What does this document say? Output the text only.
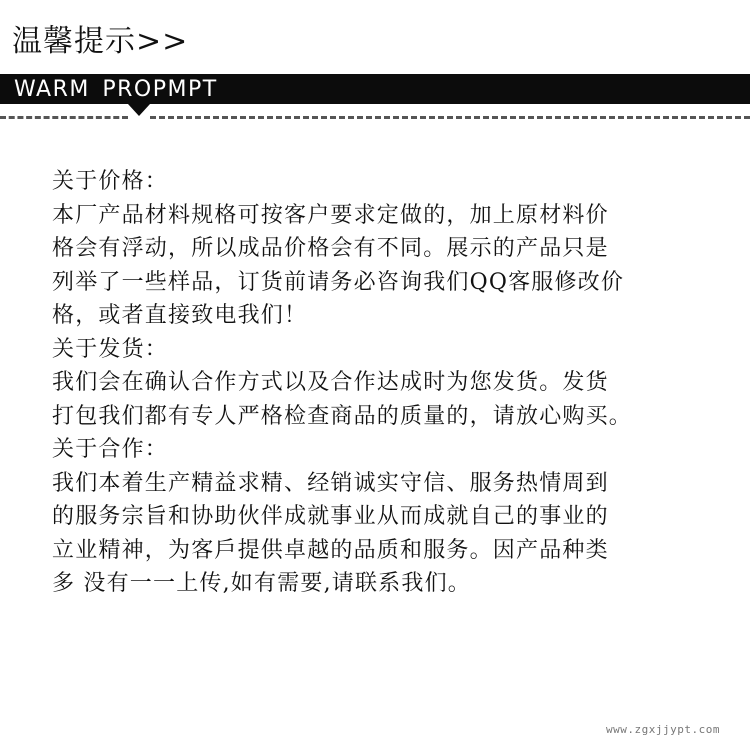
温馨提示>>
WARM PROPMPT

关于价格：

本厂产品材料规格可按客户要求定做的，加上原材料价

格会有浮动，所以成品价格会有不同。展示的产品只是

列举了一些样品，订货前请务必咨询我们QQ客服修改价

格，或者直接致电我们！

关于发货：

我们会在确认合作方式以及合作达成时为您发货。发货

打包我们都有专人严格检查商品的质量的，请放心购买。

关于合作：

我们本着生产精益求精、经销诚实守信、服务热情周到

的服务宗旨和协助伙伴成就事业从而成就自己的事业的

立业精神，为客戶提供卓越的品质和服务。因产品种类

多 没有一一上传,如有需要,请联系我们。

www.zgxjjypt.com
